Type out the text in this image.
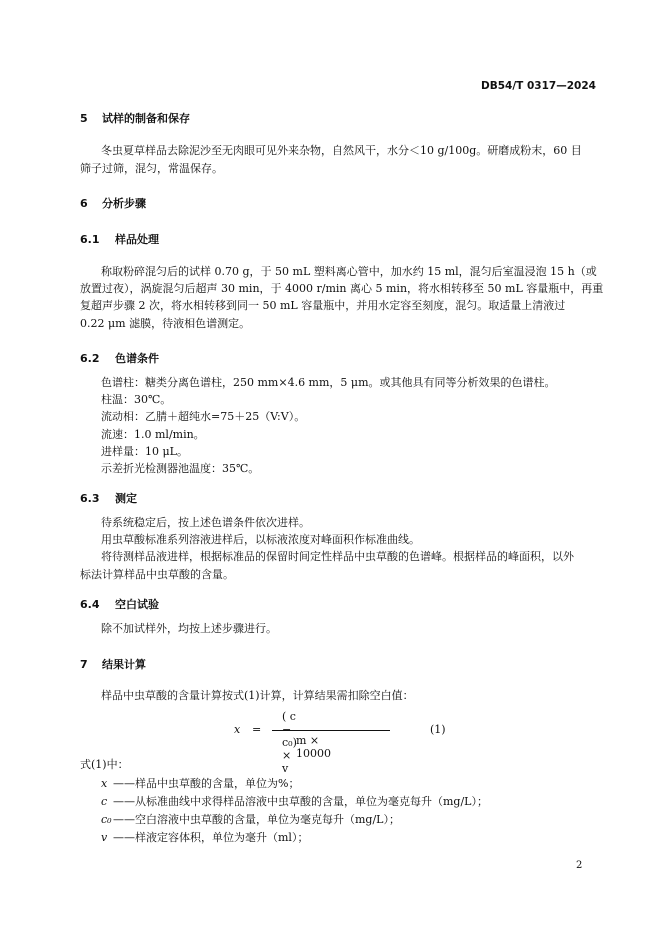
DB54/T 0317—2024
5 试样的制备和保存
冬虫夏草样品去除泥沙至无肉眼可见外来杂物，自然风干，水分＜10 g/100g。研磨成粉末，60 目
筛子过筛，混匀，常温保存。
6 分析步骤
6.1 样品处理
称取粉碎混匀后的试样 0.70 g，于 50 mL 塑料离心管中，加水约 15 ml，混匀后室温浸泡 15 h（或
放置过夜），涡旋混匀后超声 30 min，于 4000 r/min 离心 5 min，将水相转移至 50 mL 容量瓶中，再重
复超声步骤 2 次，将水相转移到同一 50 mL 容量瓶中，并用水定容至刻度，混匀。取适量上清液过
0.22 μm 滤膜，待液相色谱测定。
6.2 色谱条件
色谱柱：糖类分离色谱柱，250 mm×4.6 mm，5 μm。或其他具有同等分析效果的色谱柱。
柱温：30℃。
流动相：乙腈＋超纯水=75＋25（V:V）。
流速：1.0 ml/min。
进样量：10 μL。
示差折光检测器池温度：35℃。
6.3 测定
待系统稳定后，按上述色谱条件依次进样。
用虫草酸标准系列溶液进样后，以标液浓度对峰面积作标准曲线。
将待测样品液进样，根据标准品的保留时间定性样品中虫草酸的色谱峰。根据样品的峰面积，以外
标法计算样品中虫草酸的含量。
6.4 空白试验
除不加试样外，均按上述步骤进行。
7 结果计算
样品中虫草酸的含量计算按式(1)计算，计算结果需扣除空白值：
x =
( c c₀) × v
m × 10000
(1)
式(1)中：
x ——样品中虫草酸的含量，单位为%；
c ——从标准曲线中求得样品溶液中虫草酸的含量，单位为毫克每升（mg/L）；
c₀——空白溶液中虫草酸的含量，单位为毫克每升（mg/L）；
v ——样液定容体积，单位为毫升（ml）；
2
